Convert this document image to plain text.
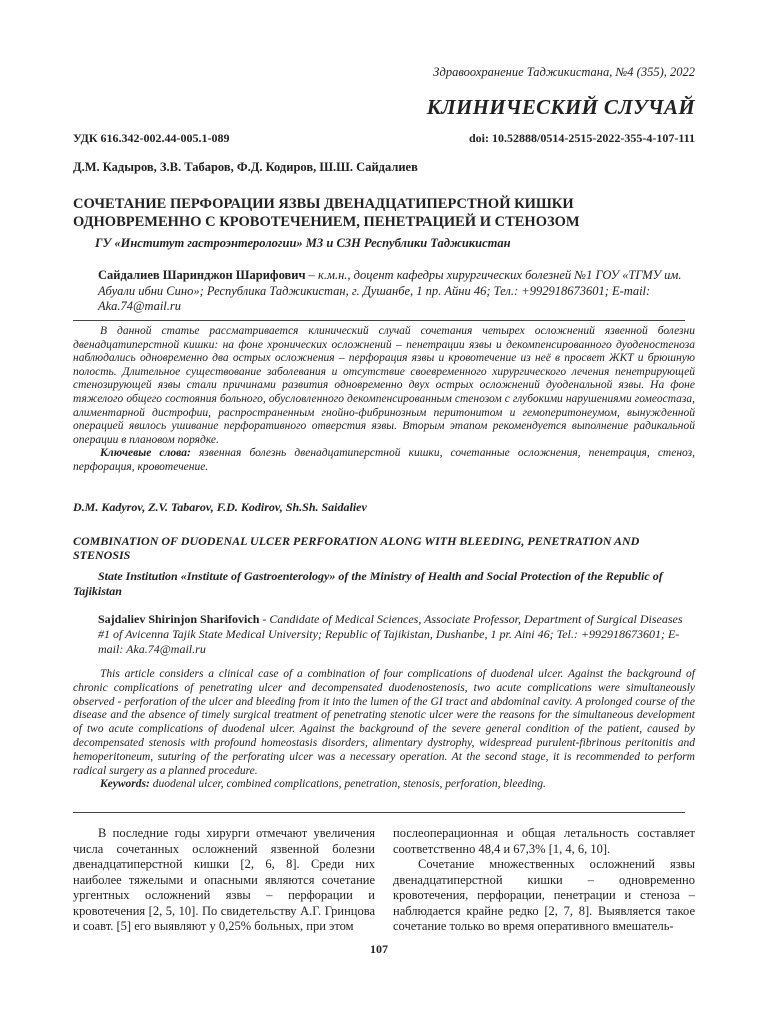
Здравоохранение Таджикистана, №4 (355), 2022
КЛИНИЧЕСКИЙ СЛУЧАЙ
УДК 616.342-002.44-005.1-089	doi: 10.52888/0514-2515-2022-355-4-107-111
Д.М. Кадыров, З.В. Табаров, Ф.Д. Кодиров, Ш.Ш. Сайдалиев
СОЧЕТАНИЕ ПЕРФОРАЦИИ ЯЗВЫ ДВЕНАДЦАТИПЕРСТНОЙ КИШКИ
ОДНОВРЕМЕННО С КРОВОТЕЧЕНИЕМ, ПЕНЕТРАЦИЕЙ И СТЕНОЗОМ
ГУ «Институт гастроэнтерологии» МЗ и СЗН Республики Таджикистан
Сайдалиев Шаринджон Шарифович – к.м.н., доцент кафедры хирургических болезней №1 ГОУ «ТГМУ им. Абуали ибни Сино»; Республика Таджикистан, г. Душанбе, 1 пр. Айни 46; Тел.: +992918673601; E-mail: Aka.74@mail.ru

В данной статье рассматривается клинический случай сочетания четырех осложнений язвенной болезни двенадцатиперстной кишки: на фоне хронических осложнений – пенетрации язвы и декомпенсированного дуоденостеноза наблюдались одновременно два острых осложнения – перфорация язвы и кровотечение из неё в просвет ЖКТ и брюшную полость. Длительное существование заболевания и отсутствие своевременного хирургического лечения пенетрирующей стенозирующей язвы стали причинами развития одновременно двух острых осложнений дуоденальной язвы. На фоне тяжелого общего состояния больного, обусловленного декомпенсированным стенозом с глубокими нарушениями гомеостаза, алиментарной дистрофии, распространенным гнойно-фибринозным перитонитом и гемоперитонеумом, вынужденной операцией явилось ушивание перфоративного отверстия язвы. Вторым этапом рекомендуется выполнение радикальной операции в плановом порядке.

Ключевые слова: язвенная болезнь двенадцатиперстной кишки, сочетанные осложнения, пенетрация, стеноз, перфорация, кровотечение.

D.M. Kadyrov, Z.V. Tabarov, F.D. Kodirov, Sh.Sh. Saidaliev
COMBINATION OF DUODENAL ULCER PERFORATION ALONG WITH BLEEDING, PENETRATION AND STENOSIS
State Institution «Institute of Gastroenterology» of the Ministry of Health and Social Protection of the Republic of Tajikistan
Sajdaliev Shirinjon Sharifovich - Candidate of Medical Sciences, Associate Professor, Department of Surgical Diseases #1 of Avicenna Tajik State Medical University; Republic of Tajikistan, Dushanbe, 1 pr. Aini 46; Tel.: +992918673601; E-mail: Aka.74@mail.ru

This article considers a clinical case of a combination of four complications of duodenal ulcer. Against the background of chronic complications of penetrating ulcer and decompensated duodenostenosis, two acute complications were simultaneously observed - perforation of the ulcer and bleeding from it into the lumen of the GI tract and abdominal cavity. A prolonged course of the disease and the absence of timely surgical treatment of penetrating stenotic ulcer were the reasons for the simultaneous development of two acute complications of duodenal ulcer. Against the background of the severe general condition of the patient, caused by decompensated stenosis with profound homeostasis disorders, alimentary dystrophy, widespread purulent-fibrinous peritonitis and hemoperitoneum, suturing of the perforating ulcer was a necessary operation. At the second stage, it is recommended to perform radical surgery as a planned procedure.

Keywords: duodenal ulcer, combined complications, penetration, stenosis, perforation, bleeding.

В последние годы хирурги отмечают увеличения числа сочетанных осложнений язвенной болезни двенадцатиперстной кишки [2, 6, 8]. Среди них наиболее тяжелыми и опасными являются сочетание ургентных осложнений язвы – перфорации и кровотечения [2, 5, 10]. По свидетельству А.Г. Гринцова и соавт. [5] его выявляют у 0,25% больных, при этом

послеоперационная и общая летальность составляет соответственно 48,4 и 67,3% [1, 4, 6, 10].

Сочетание множественных осложнений язвы двенадцатиперстной кишки – одновременно кровотечения, перфорации, пенетрации и стеноза – наблюдается крайне редко [2, 7, 8]. Выявляется такое сочетание только во время оперативного вмешатель-

107
